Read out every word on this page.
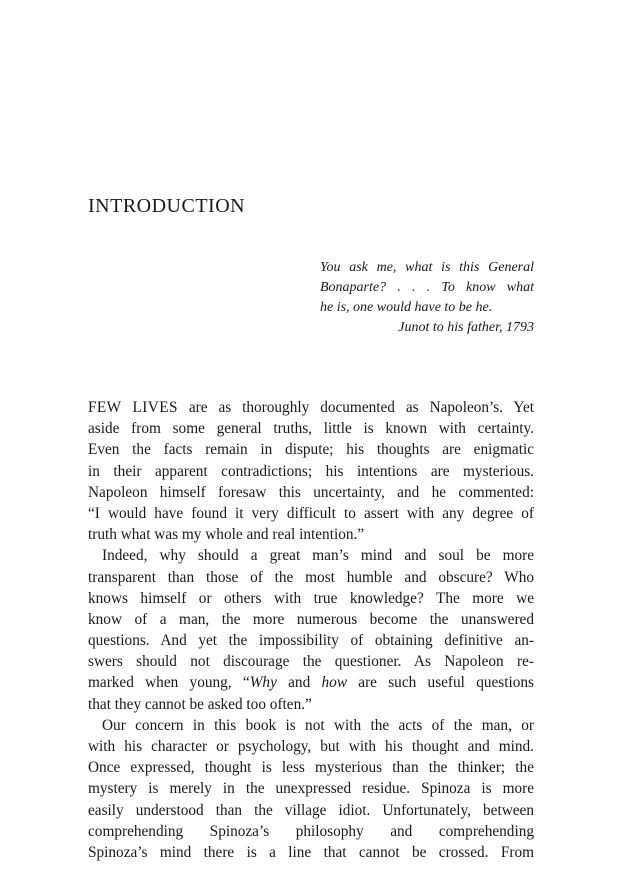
INTRODUCTION
You ask me, what is this General
Bonaparte? . . . To know what
he is, one would have to be he.
Junot to his father, 1793
FEW LIVES are as thoroughly documented as Napoleon’s. Yet
aside from some general truths, little is known with certainty.
Even the facts remain in dispute; his thoughts are enigmatic
in their apparent contradictions; his intentions are mysterious.
Napoleon himself foresaw this uncertainty, and he commented:
“I would have found it very difficult to assert with any degree of
truth what was my whole and real intention.”
Indeed, why should a great man’s mind and soul be more
transparent than those of the most humble and obscure? Who
knows himself or others with true knowledge? The more we
know of a man, the more numerous become the unanswered
questions. And yet the impossibility of obtaining definitive an-
swers should not discourage the questioner. As Napoleon re-
marked when young, “Why and how are such useful questions
that they cannot be asked too often.”
Our concern in this book is not with the acts of the man, or
with his character or psychology, but with his thought and mind.
Once expressed, thought is less mysterious than the thinker; the
mystery is merely in the unexpressed residue. Spinoza is more
easily understood than the village idiot. Unfortunately, between
comprehending Spinoza’s philosophy and comprehending
Spinoza’s mind there is a line that cannot be crossed. From
